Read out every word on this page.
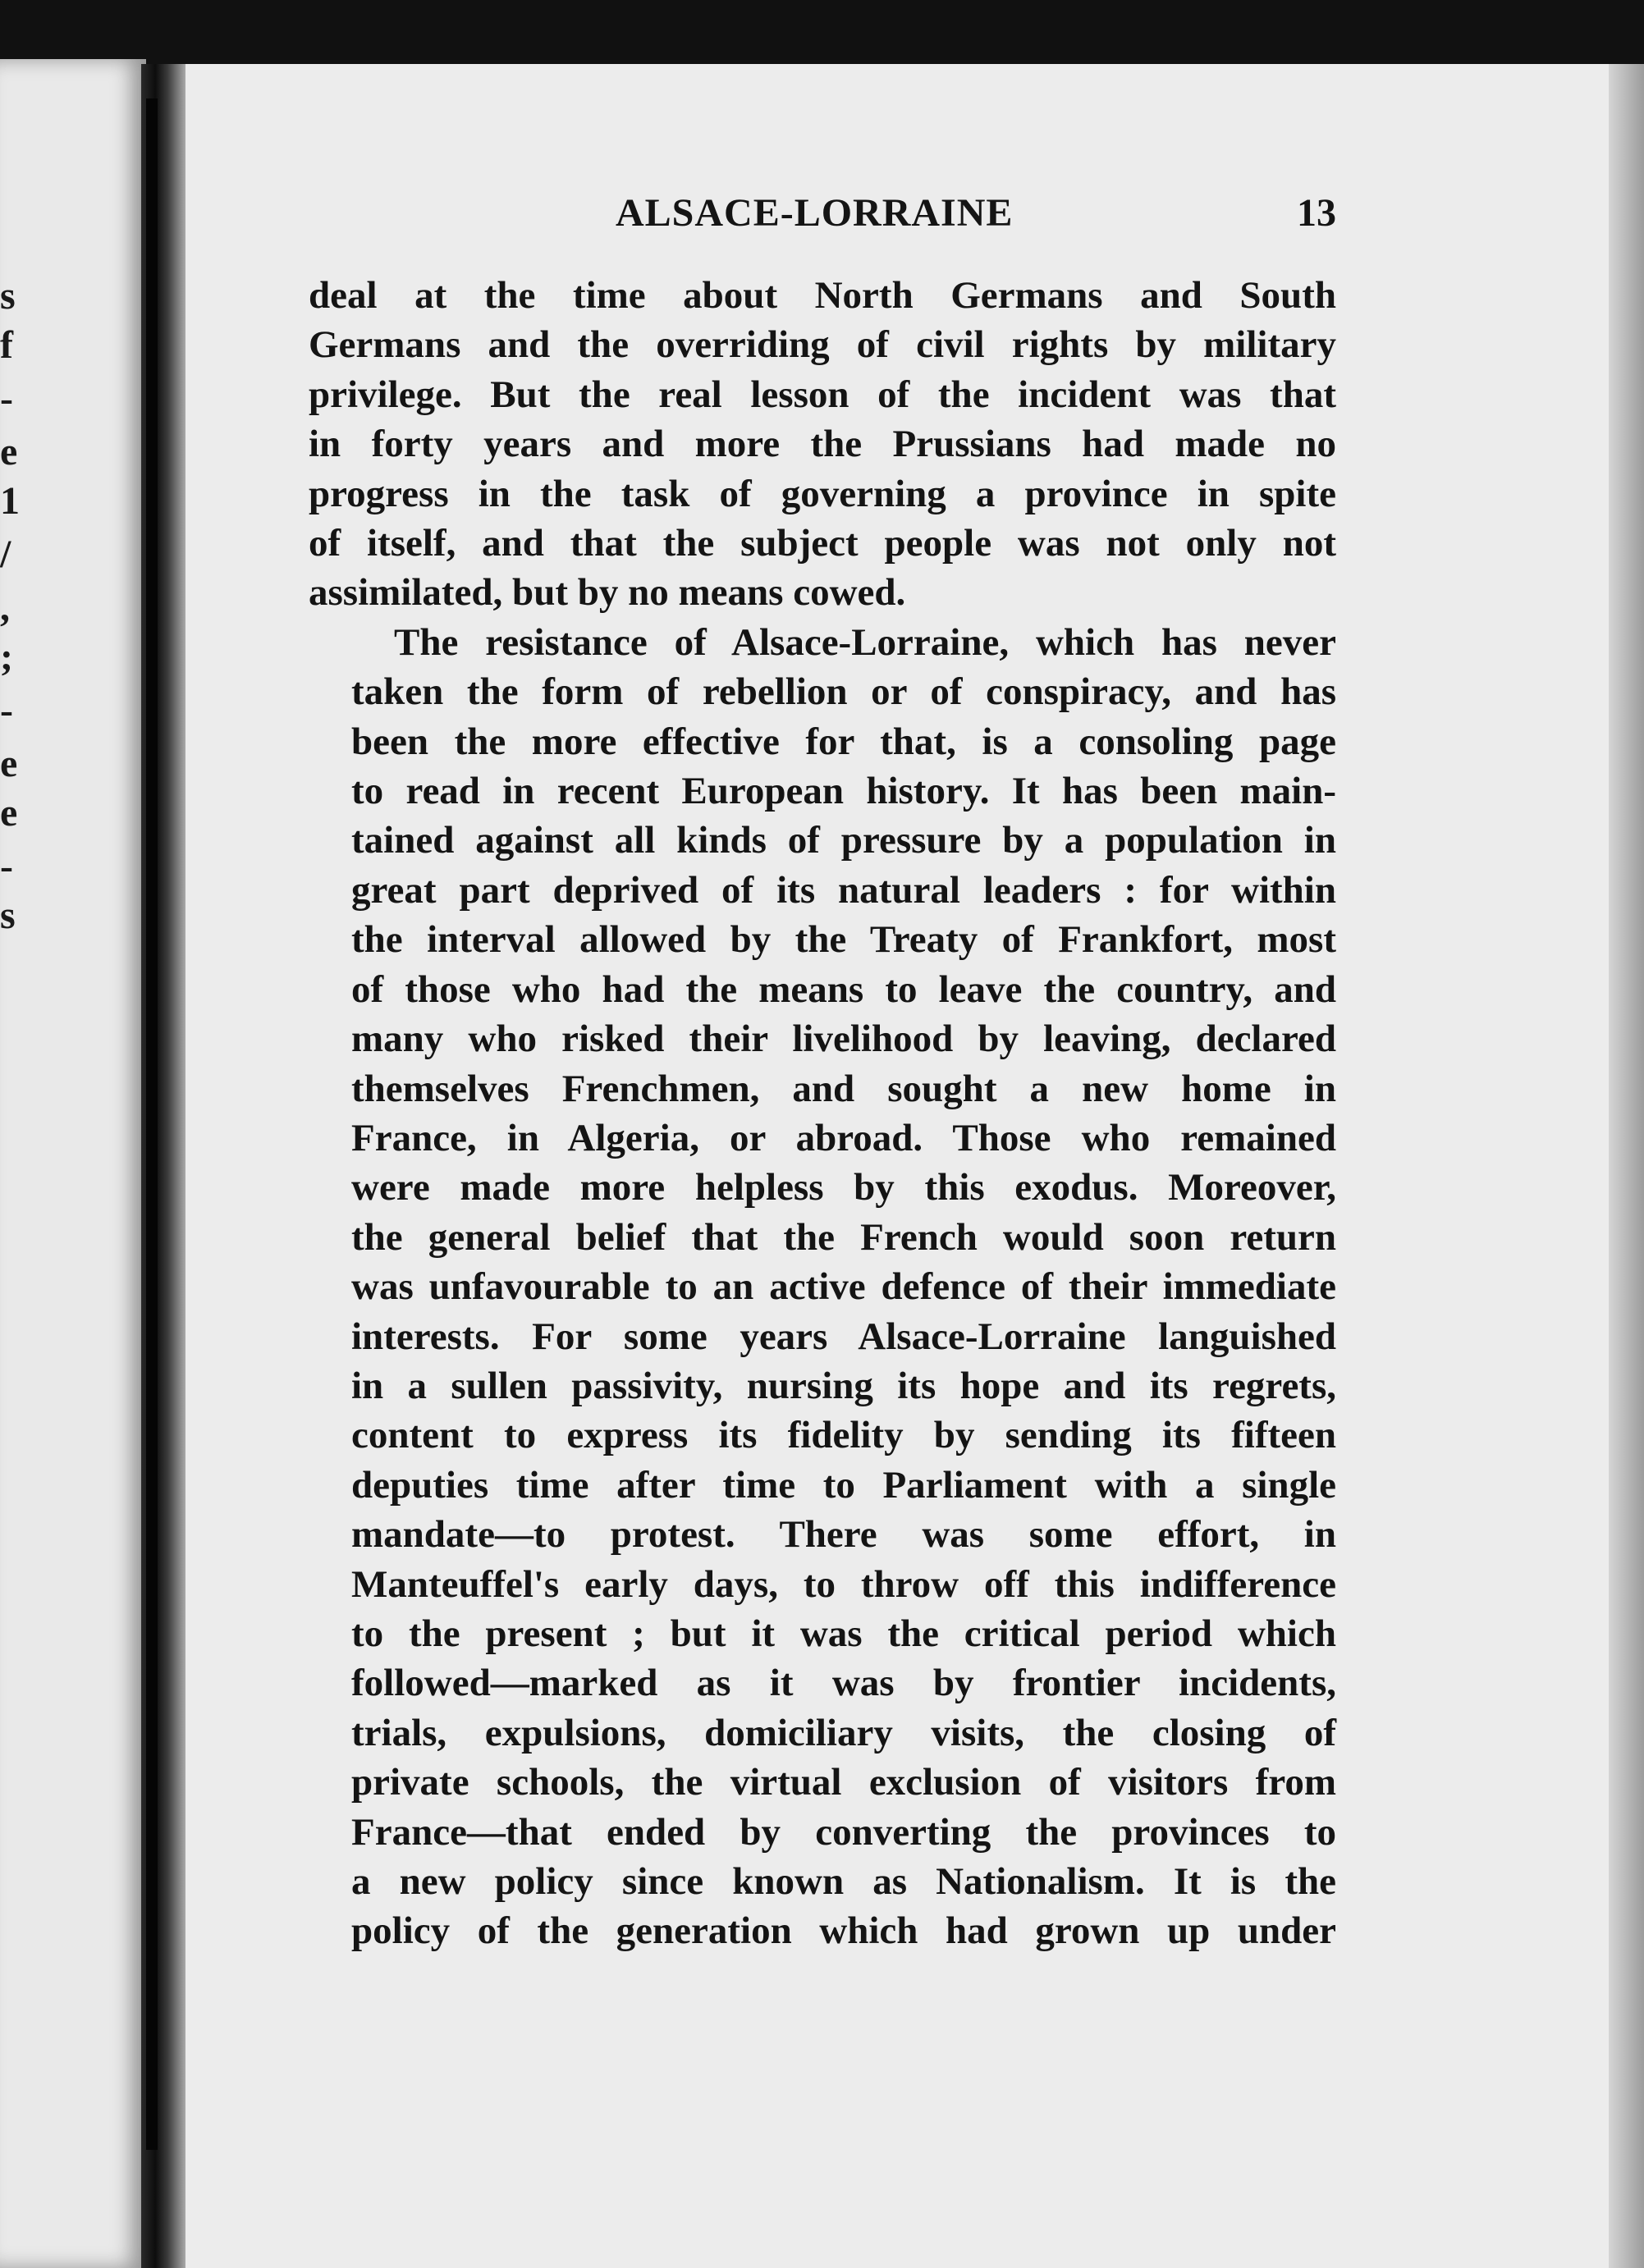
s
f
-
e
1
/
,
;
-
e
e
-
s
ALSACE-LORRAINE	13

deal at the time about North Germans and South
Germans and the overriding of civil rights by military
privilege. But the real lesson of the incident was that
in forty years and more the Prussians had made no
progress in the task of governing a province in spite
of itself, and that the subject people was not only not
assimilated, but by no means cowed.

The resistance of Alsace-Lorraine, which has never
taken the form of rebellion or of conspiracy, and has
been the more effective for that, is a consoling page
to read in recent European history. It has been main-
tained against all kinds of pressure by a population in
great part deprived of its natural leaders : for within
the interval allowed by the Treaty of Frankfort, most
of those who had the means to leave the country, and
many who risked their livelihood by leaving, declared
themselves Frenchmen, and sought a new home in
France, in Algeria, or abroad. Those who remained
were made more helpless by this exodus. Moreover,
the general belief that the French would soon return
was unfavourable to an active defence of their immediate
interests. For some years Alsace-Lorraine languished
in a sullen passivity, nursing its hope and its regrets,
content to express its fidelity by sending its fifteen
deputies time after time to Parliament with a single
mandate—to protest. There was some effort, in
Manteuffel's early days, to throw off this indifference
to the present ; but it was the critical period which
followed—marked as it was by frontier incidents,
trials, expulsions, domiciliary visits, the closing of
private schools, the virtual exclusion of visitors from
France—that ended by converting the provinces to
a new policy since known as Nationalism. It is the
policy of the generation which had grown up under
